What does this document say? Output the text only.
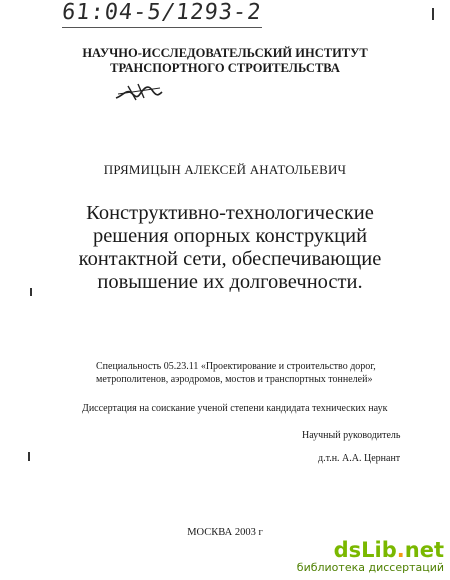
61:04-5/1293-2
НАУЧНО-ИССЛЕДОВАТЕЛЬСКИЙ ИНСТИТУТ
ТРАНСПОРТНОГО СТРОИТЕЛЬСТВА
ПРЯМИЦЫН АЛЕКСЕЙ АНАТОЛЬЕВИЧ
Конструктивно-технологические
решения опорных конструкций
контактной сети, обеспечивающие
повышение их долговечности.
Специальность 05.23.11 «Проектирование и строительство дорог,
метрополитенов, аэродромов, мостов и транспортных тоннелей»
Диссертация на соискание ученой степени кандидата технических наук
Научный руководитель
д.т.н. А.А. Цернант
МОСКВА 2003 г
dsLib.net
библиотека диссертаций
